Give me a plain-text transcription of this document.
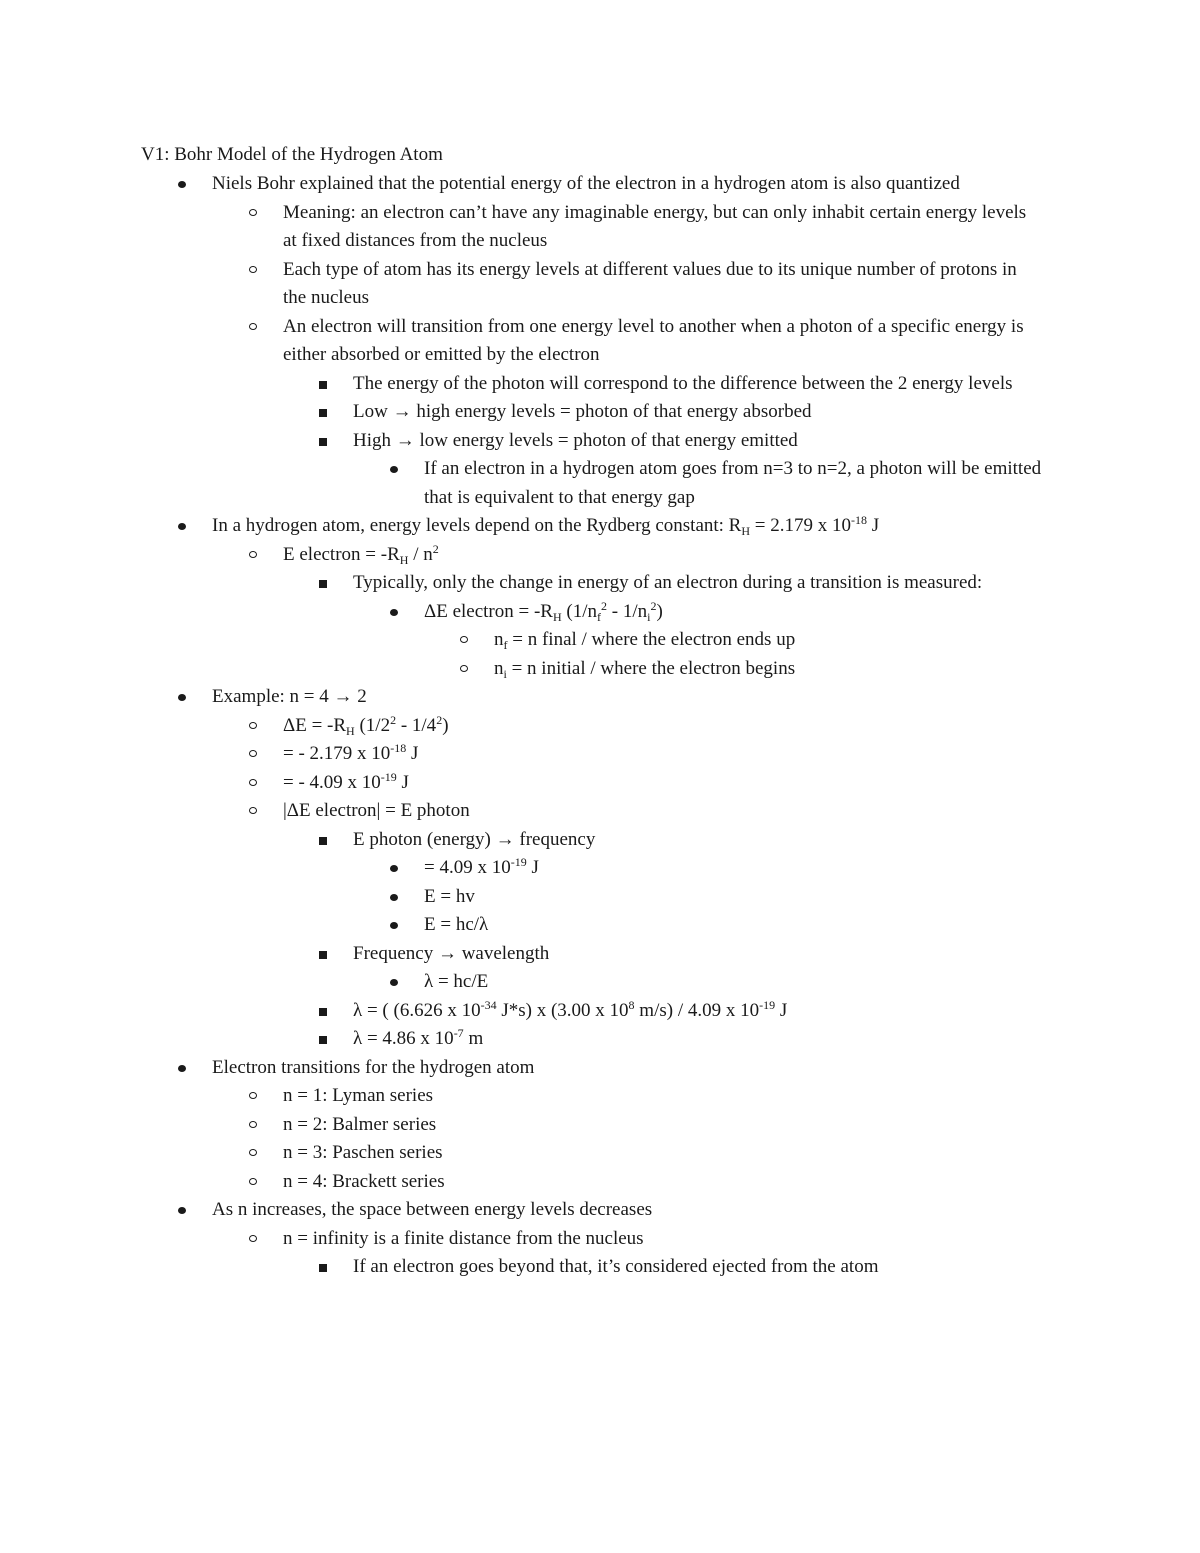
V1: Bohr Model of the Hydrogen Atom
Niels Bohr explained that the potential energy of the electron in a hydrogen atom is also quantized
Meaning: an electron can’t have any imaginable energy, but can only inhabit certain energy levels at fixed distances from the nucleus
Each type of atom has its energy levels at different values due to its unique number of protons in the nucleus
An electron will transition from one energy level to another when a photon of a specific energy is either absorbed or emitted by the electron
The energy of the photon will correspond to the difference between the 2 energy levels
Low → high energy levels = photon of that energy absorbed
High → low energy levels = photon of that energy emitted
If an electron in a hydrogen atom goes from n=3 to n=2, a photon will be emitted that is equivalent to that energy gap
In a hydrogen atom, energy levels depend on the Rydberg constant: $R_H = 2.179$ x $10^{-18}$ J
E electron = $-R_H / n^2$
Typically, only the change in energy of an electron during a transition is measured:
ΔE electron = $-R_H$ $(1/n_f^2 - 1/n_i^2)$
$n_f = n$ final / where the electron ends up
$n_i = n$ initial / where the electron begins
Example: n = 4 → 2
$\Delta E = -R_H$ $(1/2^2 - 1/4^2)$
= - 2.179 x $10^{-18}$ J
= - 4.09 x $10^{-19}$ J
|ΔE electron| = E photon
E photon (energy) → frequency
= 4.09 x $10^{-19}$ J
E = hv
E = hc/λ
Frequency → wavelength
λ = hc/E
λ = ( (6.626 x $10^{-34}$ J*s) x (3.00 x $10^8$ m/s) / 4.09 x $10^{-19}$ J
λ = 4.86 x $10^{-7}$ m
Electron transitions for the hydrogen atom
n = 1: Lyman series
n = 2: Balmer series
n = 3: Paschen series
n = 4: Brackett series
As n increases, the space between energy levels decreases
n = infinity is a finite distance from the nucleus
If an electron goes beyond that, it’s considered ejected from the atom
